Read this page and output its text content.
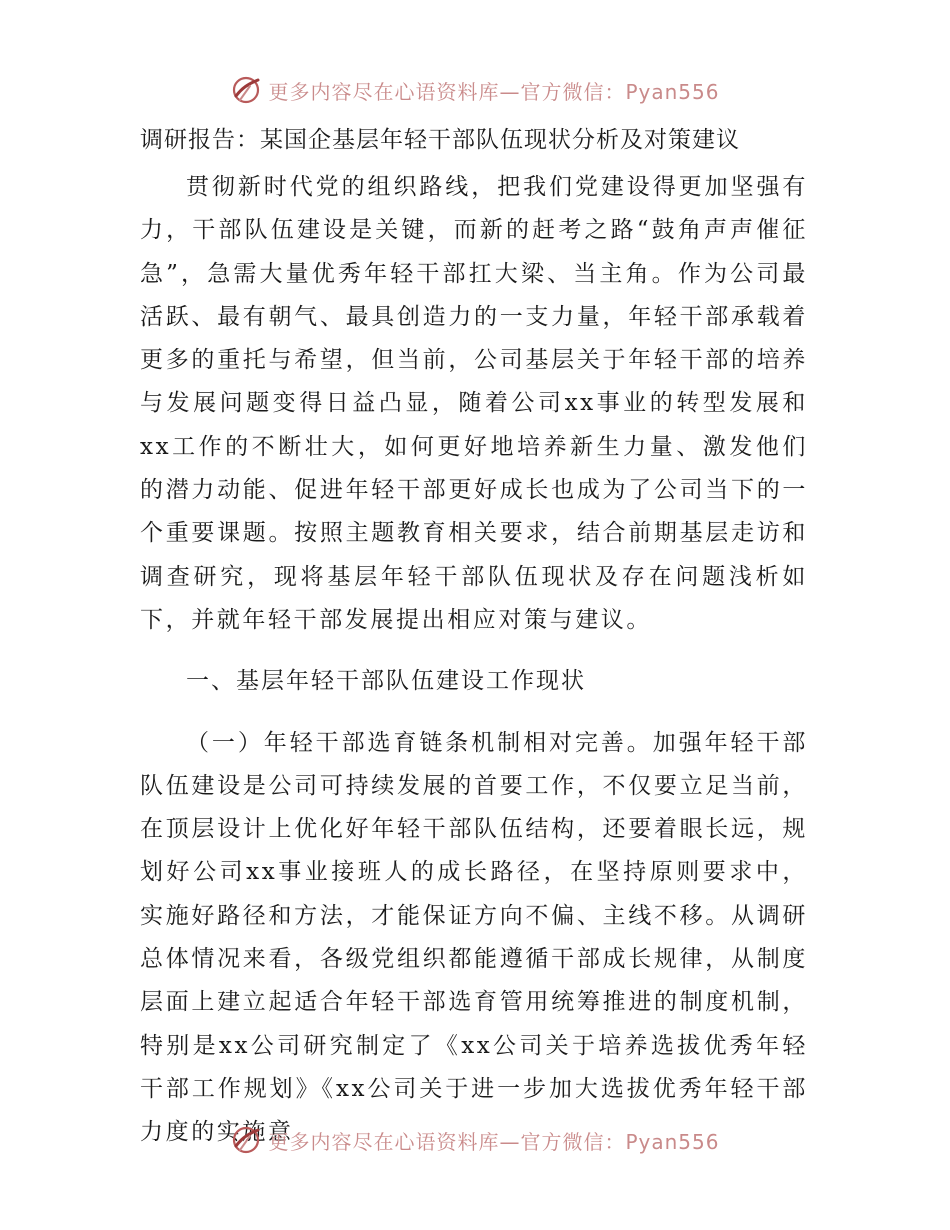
更多内容尽在心语资料库—官方微信：Pyan556
调研报告：某国企基层年轻干部队伍现状分析及对策建议

贯彻新时代党的组织路线，把我们党建设得更加坚强有力，干部队伍建设是关键，而新的赶考之路“鼓角声声催征急”，急需大量优秀年轻干部扛大梁、当主角。作为公司最活跃、最有朝气、最具创造力的一支力量，年轻干部承载着更多的重托与希望，但当前，公司基层关于年轻干部的培养与发展问题变得日益凸显，随着公司xx事业的转型发展和xx工作的不断壮大，如何更好地培养新生力量、激发他们的潜力动能、促进年轻干部更好成长也成为了公司当下的一个重要课题。按照主题教育相关要求，结合前期基层走访和调查研究，现将基层年轻干部队伍现状及存在问题浅析如下，并就年轻干部发展提出相应对策与建议。

一、基层年轻干部队伍建设工作现状

（一）年轻干部选育链条机制相对完善。加强年轻干部队伍建设是公司可持续发展的首要工作，不仅要立足当前，在顶层设计上优化好年轻干部队伍结构，还要着眼长远，规划好公司xx事业接班人的成长路径，在坚持原则要求中，实施好路径和方法，才能保证方向不偏、主线不移。从调研总体情况来看，各级党组织都能遵循干部成长规律，从制度层面上建立起适合年轻干部选育管用统筹推进的制度机制，特别是xx公司研究制定了《xx公司关于培养选拔优秀年轻干部工作规划》《xx公司关于进一步加大选拔优秀年轻干部力度的实施意

更多内容尽在心语资料库—官方微信：Pyan556
